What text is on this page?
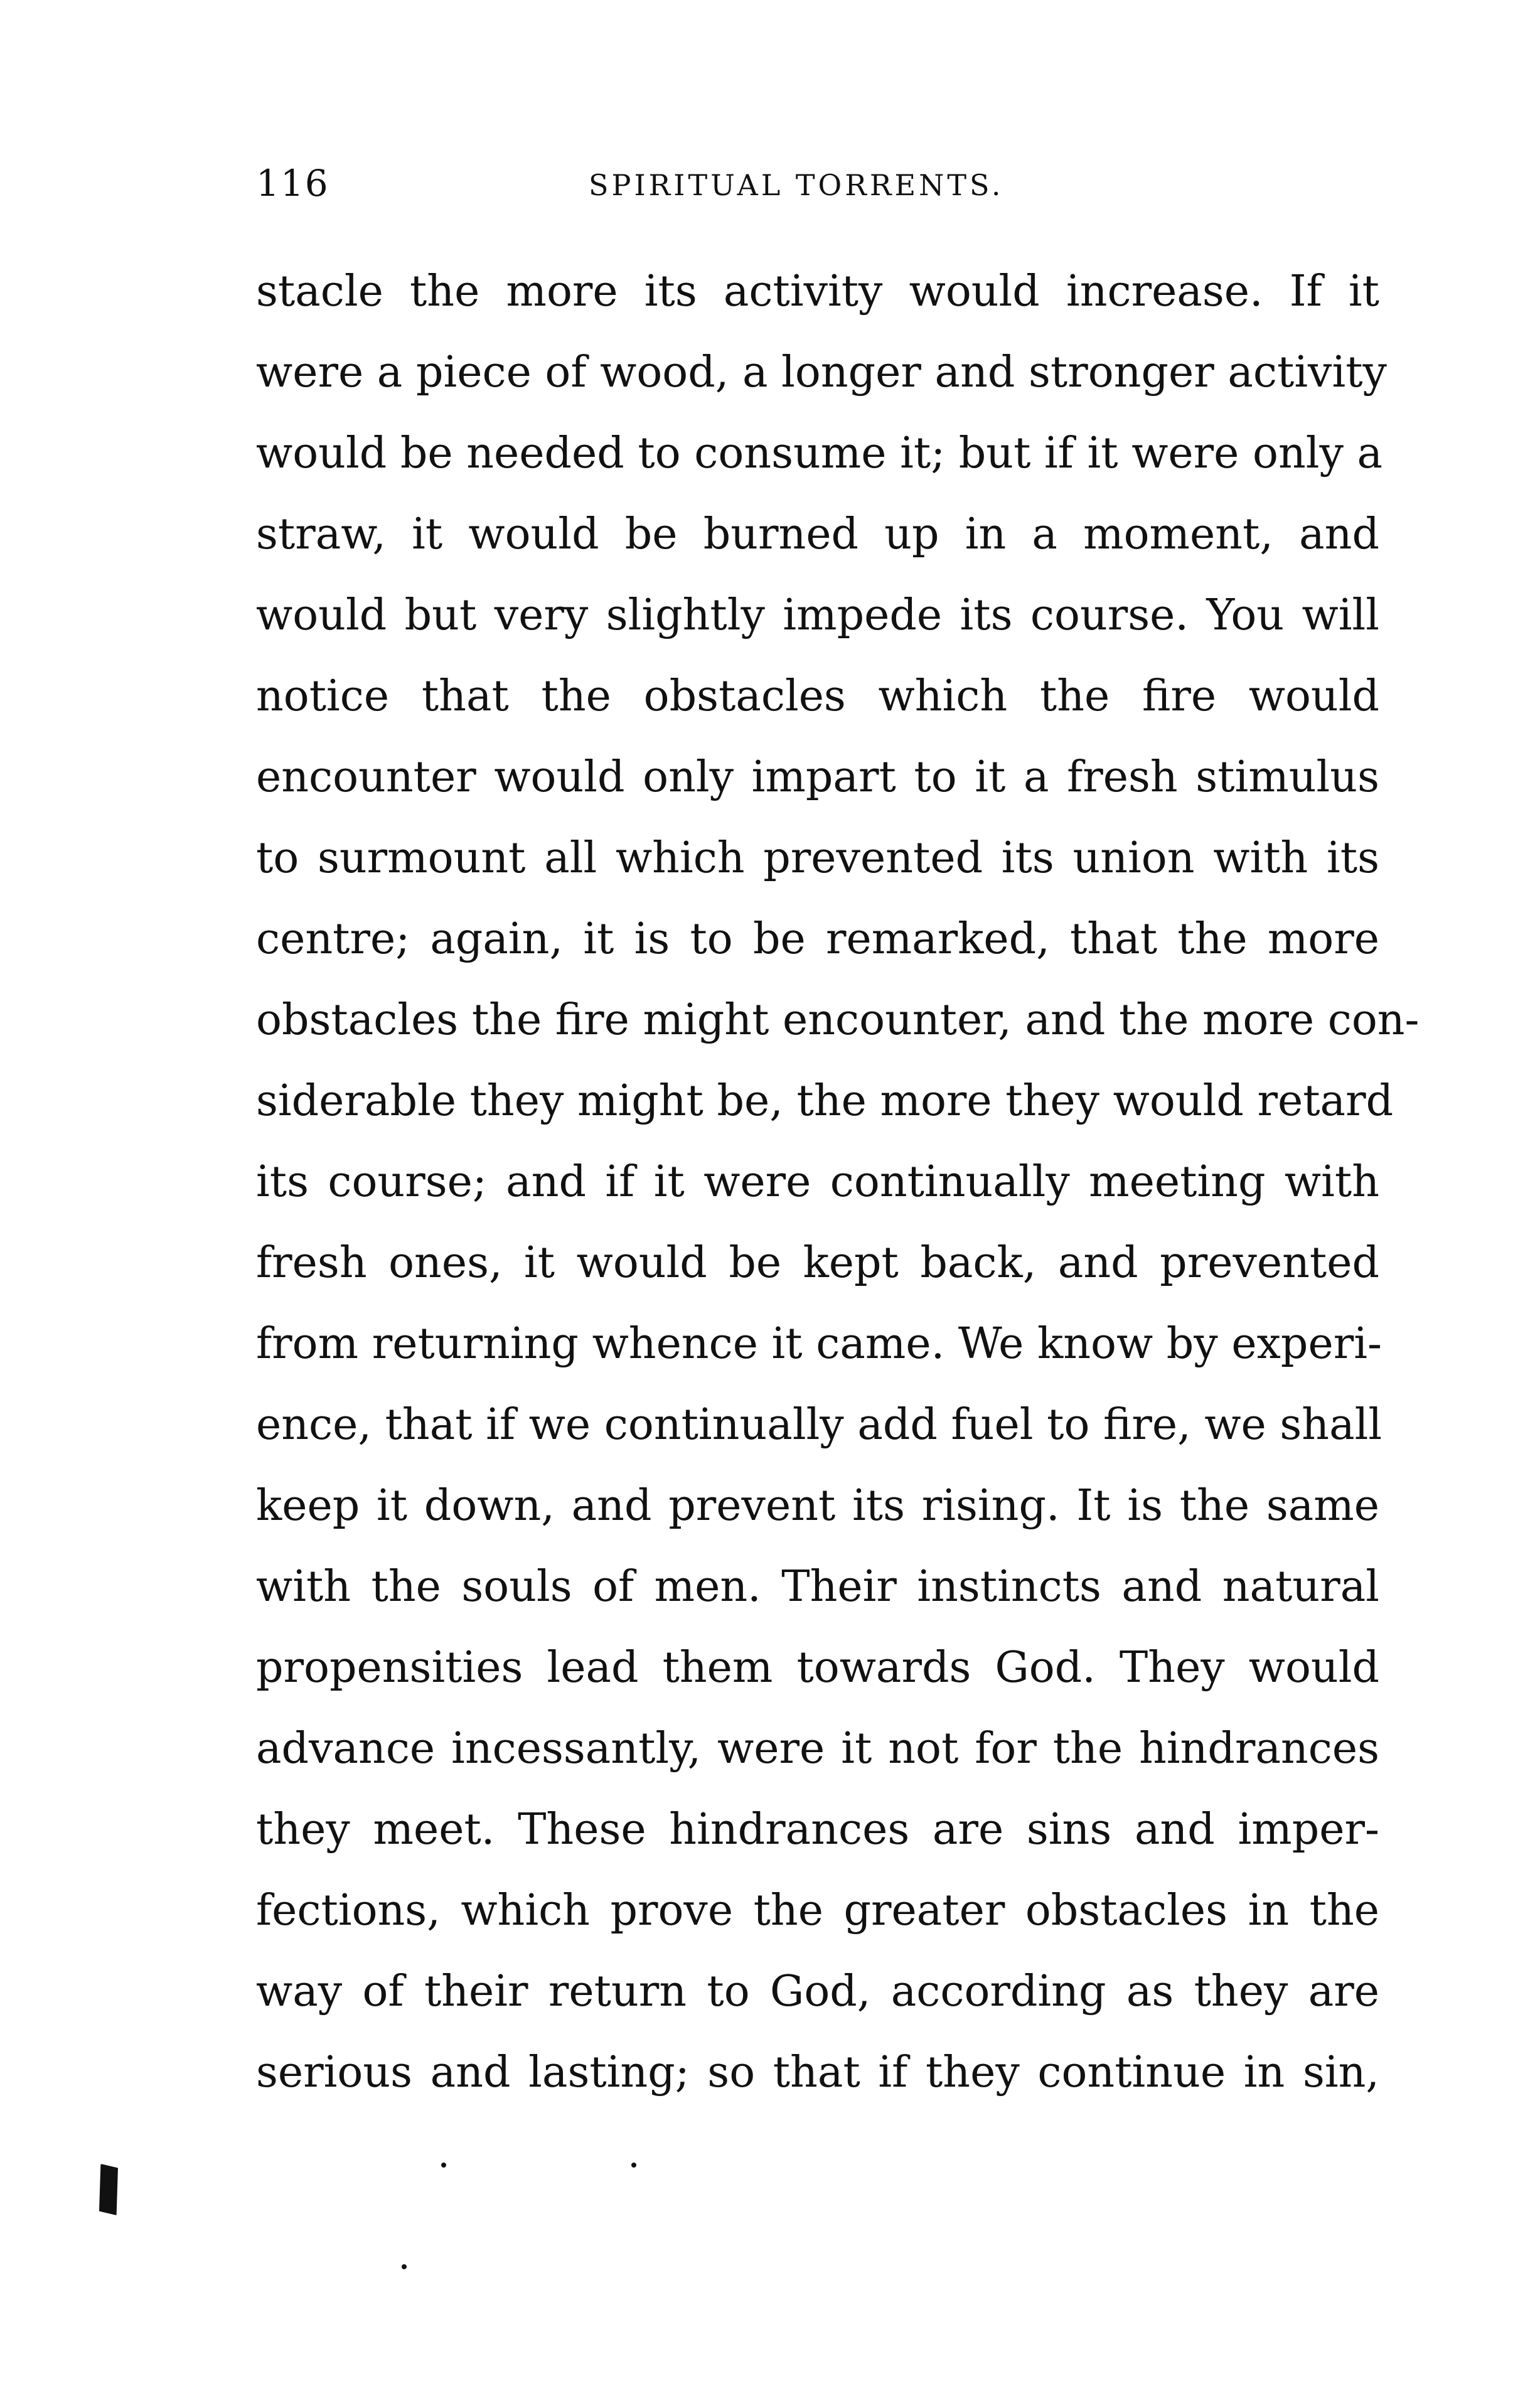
116	SPIRITUAL TORRENTS.
stacle the more its activity would increase. If it
were a piece of wood, a longer and stronger activity
would be needed to consume it; but if it were only a
straw, it would be burned up in a moment, and
would but very slightly impede its course. You will
notice that the obstacles which the fire would
encounter would only impart to it a fresh stimulus
to surmount all which prevented its union with its
centre; again, it is to be remarked, that the more
obstacles the fire might encounter, and the more con-
siderable they might be, the more they would retard
its course; and if it were continually meeting with
fresh ones, it would be kept back, and prevented
from returning whence it came. We know by experi-
ence, that if we continually add fuel to fire, we shall
keep it down, and prevent its rising. It is the same
with the souls of men. Their instincts and natural
propensities lead them towards God. They would
advance incessantly, were it not for the hindrances
they meet. These hindrances are sins and imper-
fections, which prove the greater obstacles in the
way of their return to God, according as they are
serious and lasting; so that if they continue in sin,
